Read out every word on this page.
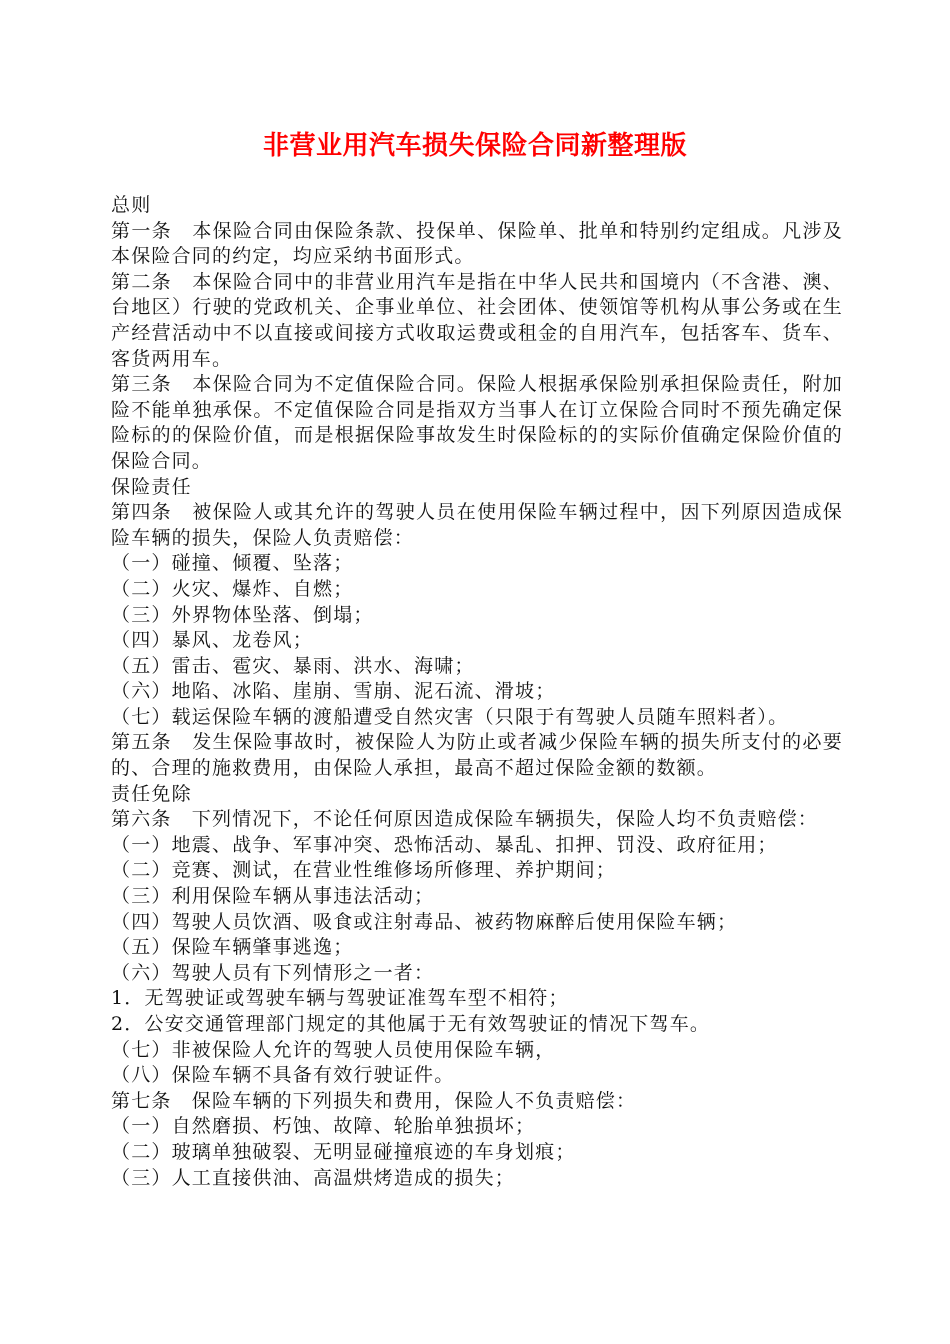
非营业用汽车损失保险合同新整理版

总则

第一条　本保险合同由保险条款、投保单、保险单、批单和特别约定组成。凡涉及本保险合同的约定，均应采纳书面形式。

第二条　本保险合同中的非营业用汽车是指在中华人民共和国境内（不含港、澳、台地区）行驶的党政机关、企事业单位、社会团体、使领馆等机构从事公务或在生产经营活动中不以直接或间接方式收取运费或租金的自用汽车，包括客车、货车、客货两用车。

第三条　本保险合同为不定值保险合同。保险人根据承保险别承担保险责任，附加险不能单独承保。不定值保险合同是指双方当事人在订立保险合同时不预先确定保险标的的保险价值，而是根据保险事故发生时保险标的的实际价值确定保险价值的保险合同。

保险责任

第四条　被保险人或其允许的驾驶人员在使用保险车辆过程中，因下列原因造成保险车辆的损失，保险人负责赔偿：

（一）碰撞、倾覆、坠落；

（二）火灾、爆炸、自燃；

（三）外界物体坠落、倒塌；

（四）暴风、龙卷风；

（五）雷击、雹灾、暴雨、洪水、海啸；

（六）地陷、冰陷、崖崩、雪崩、泥石流、滑坡；

（七）载运保险车辆的渡船遭受自然灾害（只限于有驾驶人员随车照料者）。

第五条　发生保险事故时，被保险人为防止或者减少保险车辆的损失所支付的必要的、合理的施救费用，由保险人承担，最高不超过保险金额的数额。

责任免除

第六条　下列情况下，不论任何原因造成保险车辆损失，保险人均不负责赔偿：

（一）地震、战争、军事冲突、恐怖活动、暴乱、扣押、罚没、政府征用；

（二）竞赛、测试，在营业性维修场所修理、养护期间；

（三）利用保险车辆从事违法活动；

（四）驾驶人员饮酒、吸食或注射毒品、被药物麻醉后使用保险车辆；

（五）保险车辆肇事逃逸；

（六）驾驶人员有下列情形之一者：

1．无驾驶证或驾驶车辆与驾驶证准驾车型不相符；

2．公安交通管理部门规定的其他属于无有效驾驶证的情况下驾车。

（七）非被保险人允许的驾驶人员使用保险车辆，

（八）保险车辆不具备有效行驶证件。

第七条　保险车辆的下列损失和费用，保险人不负责赔偿：

（一）自然磨损、朽蚀、故障、轮胎单独损坏；

（二）玻璃单独破裂、无明显碰撞痕迹的车身划痕；

（三）人工直接供油、高温烘烤造成的损失；
